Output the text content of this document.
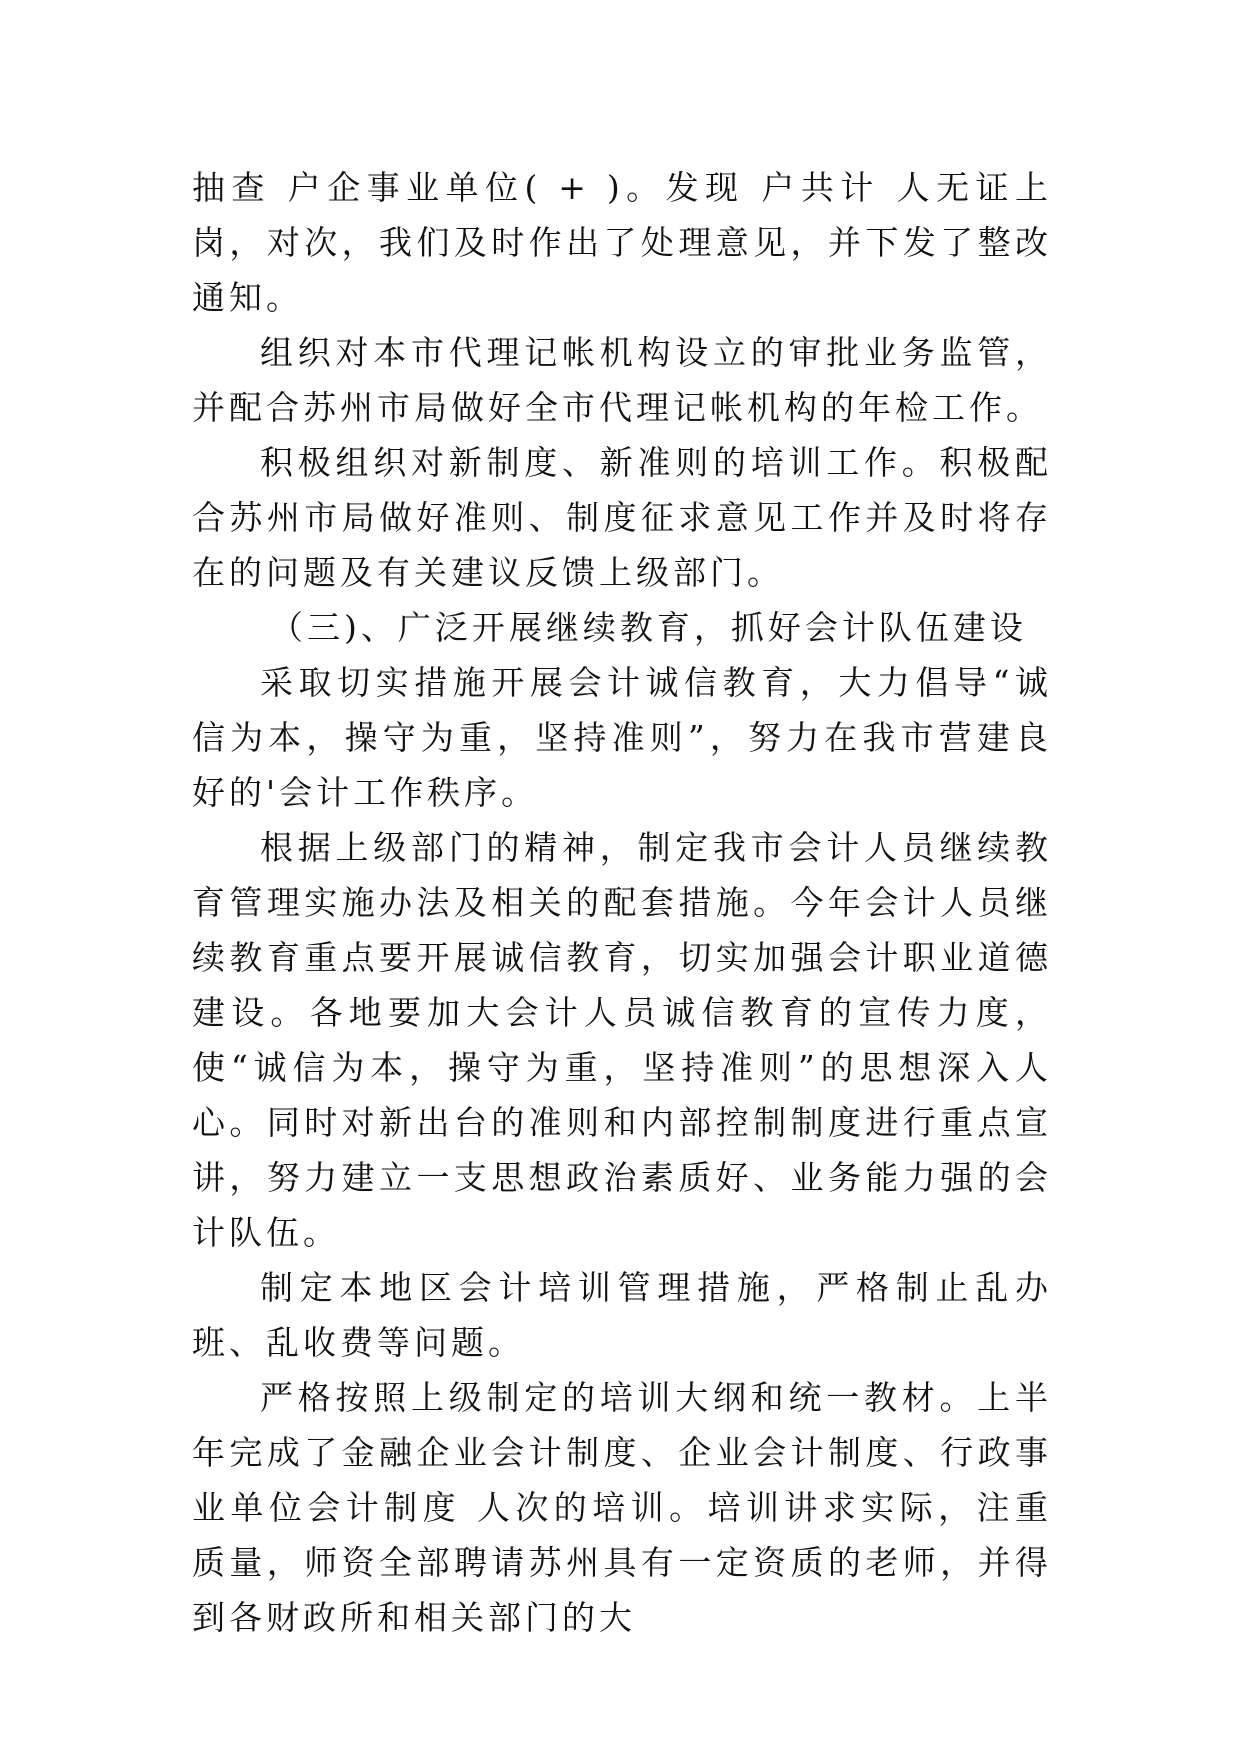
抽查 户企事业单位( + )。发现 户共计 人无证上岗，对次，我们及时作出了处理意见，并下发了整改通知。

组织对本市代理记帐机构设立的审批业务监管，并配合苏州市局做好全市代理记帐机构的年检工作。

积极组织对新制度、新准则的培训工作。积极配合苏州市局做好准则、制度征求意见工作并及时将存在的问题及有关建议反馈上级部门。

（三)、广泛开展继续教育，抓好会计队伍建设

采取切实措施开展会计诚信教育，大力倡导“诚信为本，操守为重，坚持准则”，努力在我市营建良好的'会计工作秩序。

根据上级部门的精神，制定我市会计人员继续教育管理实施办法及相关的配套措施。今年会计人员继续教育重点要开展诚信教育，切实加强会计职业道德建设。各地要加大会计人员诚信教育的宣传力度，使“诚信为本，操守为重，坚持准则”的思想深入人心。同时对新出台的准则和内部控制制度进行重点宣讲，努力建立一支思想政治素质好、业务能力强的会计队伍。

制定本地区会计培训管理措施，严格制止乱办班、乱收费等问题。

严格按照上级制定的培训大纲和统一教材。上半年完成了金融企业会计制度、企业会计制度、行政事业单位会计制度 人次的培训。培训讲求实际，注重质量，师资全部聘请苏州具有一定资质的老师，并得到各财政所和相关部门的大
